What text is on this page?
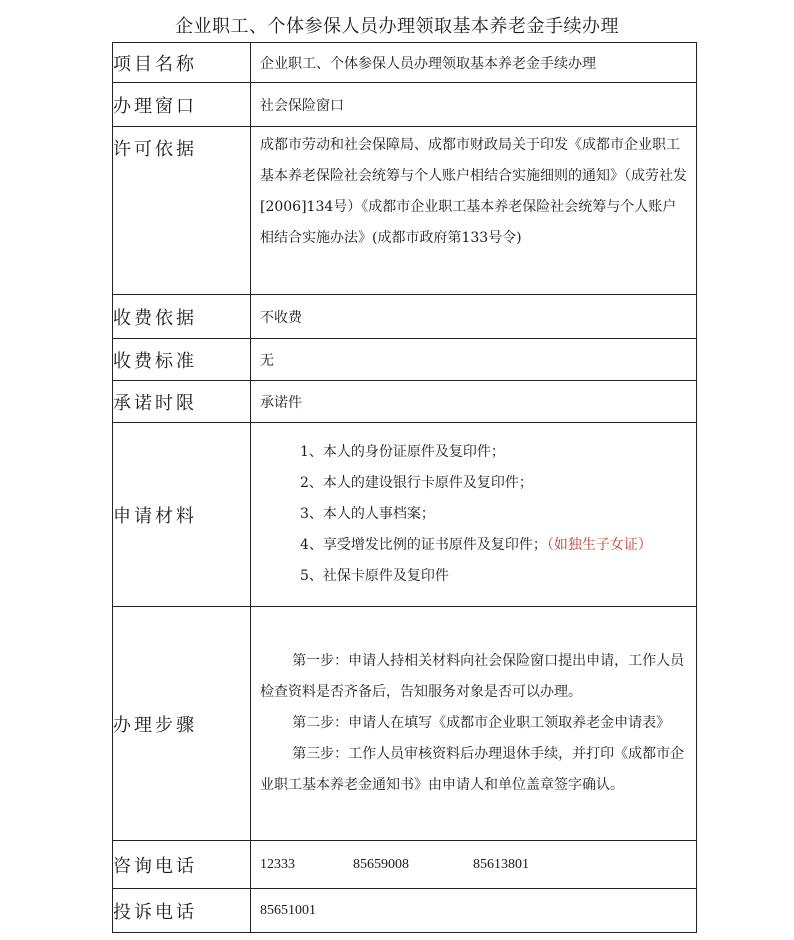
企业职工、个体参保人员办理领取基本养老金手续办理
项目名称	企业职工、个体参保人员办理领取基本养老金手续办理
办理窗口	社会保险窗口
许可依据	成都市劳动和社会保障局、成都市财政局关于印发《成都市企业职工基本养老保险社会统筹与个人账户相结合实施细则的通知》（成劳社发[2006]134号）《成都市企业职工基本养老保险社会统筹与个人账户相结合实施办法》(成都市政府第133号令)

收费依据	不收费
收费标准	无
承诺时限	承诺件
申请材料	1、本人的身份证原件及复印件；

2、本人的建设银行卡原件及复印件；

3、本人的人事档案；

4、享受增发比例的证书原件及复印件；（如独生子女证）

5、社保卡原件及复印件

办理步骤	第一步：申请人持相关材料向社会保险窗口提出申请，工作人员检查资料是否齐备后，告知服务对象是否可以办理。

第二步：申请人在填写《成都市企业职工领取养老金申请表》

第三步：工作人员审核资料后办理退休手续，并打印《成都市企业职工基本养老金通知书》由申请人和单位盖章签字确认。

咨询电话	12333 85659008 85613801
投诉电话	85651001
